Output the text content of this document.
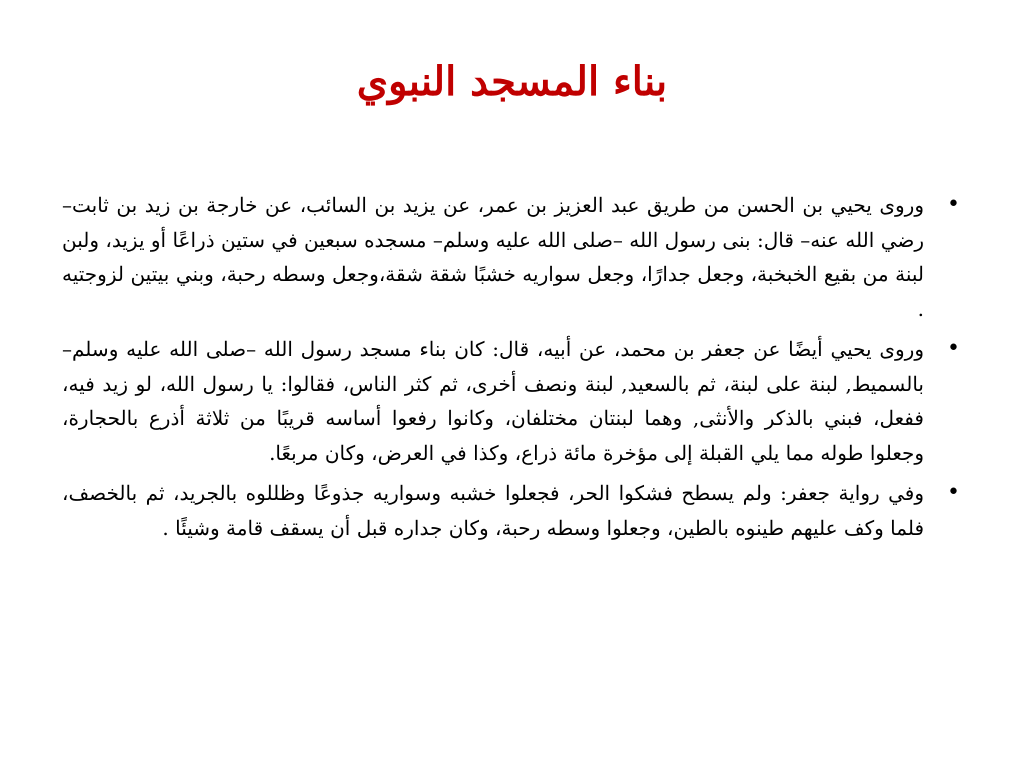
بناء المسجد النبوي
•
وروى يحيي بن الحسن من طريق عبد العزيز بن عمر، عن يزيد بن السائب، عن خارجة بن زيد بن ثابت–رضي الله عنه– قال: بنى رسول الله –صلى الله عليه وسلم– مسجده سبعين في ستين ذراعًا أو يزيد، ولبن لبنة من بقيع الخبخبة، وجعل جدارًا، وجعل سواريه خشبًا شقة شقة،وجعل وسطه رحبة، وبني بيتين لزوجتيه .
•
وروى يحيي أيضًا عن جعفر بن محمد، عن أبيه، قال: كان بناء مسجد رسول الله –صلى الله عليه وسلم– بالسميط, لبنة على لبنة، ثم بالسعيد, لبنة ونصف أخرى، ثم كثر الناس، فقالوا: يا رسول الله، لو زيد فيه، ففعل، فبني بالذكر والأنثى, وهما لبنتان مختلفان، وكانوا رفعوا أساسه قريبًا من ثلاثة أذرع بالحجارة، وجعلوا طوله مما يلي القبلة إلى مؤخرة مائة ذراع، وكذا في العرض، وكان مربعًا.
•
وفي رواية جعفر: ولم يسطح فشكوا الحر، فجعلوا خشبه وسواريه جذوعًا وظللوه بالجريد، ثم بالخصف، فلما وكف عليهم طينوه بالطين، وجعلوا وسطه رحبة، وكان جداره قبل أن يسقف قامة وشيئًا .
